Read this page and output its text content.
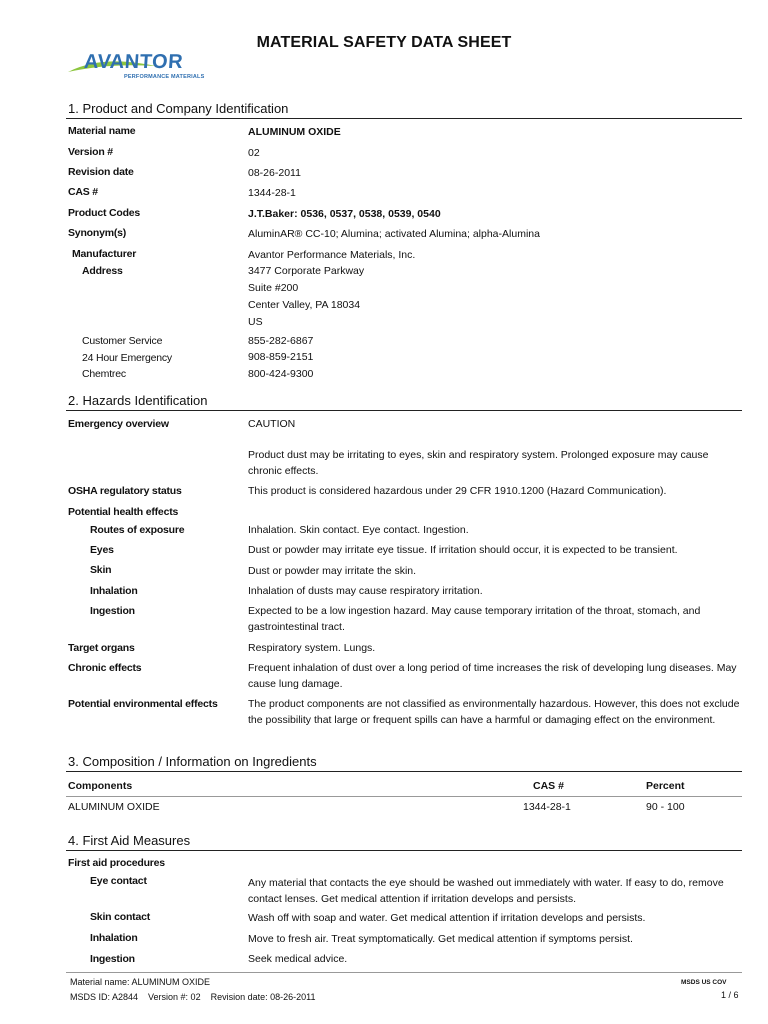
AVANTOR
PERFORMANCE MATERIALS
MATERIAL SAFETY DATA SHEET
1. Product and Company Identification
Material name	ALUMINUM OXIDE
Version #	02
Revision date	08-26-2011
CAS #	1344-28-1
Product Codes	J.T.Baker: 0536, 0537, 0538, 0539, 0540
Synonym(s)	AluminAR® CC-10; Alumina; activated Alumina; alpha-Alumina
Manufacturer	Avantor Performance Materials, Inc.
Address	3477 Corporate Parkway
Suite #200
Center Valley, PA 18034
US
Customer Service	855-282-6867
24 Hour Emergency	908-859-2151
Chemtrec	800-424-9300
2. Hazards Identification
Emergency overview	CAUTION
Product dust may be irritating to eyes, skin and respiratory system. Prolonged exposure may cause chronic effects.
OSHA regulatory status	This product is considered hazardous under 29 CFR 1910.1200 (Hazard Communication).
Potential health effects
Routes of exposure	Inhalation. Skin contact. Eye contact. Ingestion.
Eyes	Dust or powder may irritate eye tissue. If irritation should occur, it is expected to be transient.
Skin	Dust or powder may irritate the skin.
Inhalation	Inhalation of dusts may cause respiratory irritation.
Ingestion	Expected to be a low ingestion hazard. May cause temporary irritation of the throat, stomach, and gastrointestinal tract.
Target organs	Respiratory system. Lungs.
Chronic effects	Frequent inhalation of dust over a long period of time increases the risk of developing lung diseases. May cause lung damage.
Potential environmental effects	The product components are not classified as environmentally hazardous. However, this does not exclude the possibility that large or frequent spills can have a harmful or damaging effect on the environment.
3. Composition / Information on Ingredients
Components	CAS #	Percent
ALUMINUM OXIDE	1344-28-1	90 - 100
4. First Aid Measures
First aid procedures
Eye contact	Any material that contacts the eye should be washed out immediately with water. If easy to do, remove contact lenses. Get medical attention if irritation develops and persists.
Skin contact	Wash off with soap and water. Get medical attention if irritation develops and persists.
Inhalation	Move to fresh air. Treat symptomatically. Get medical attention if symptoms persist.
Ingestion	Seek medical advice.
Material name: ALUMINUM OXIDE
MSDS ID: A2844    Version #: 02    Revision date: 08-26-2011
MSDS US COV
1 / 6
